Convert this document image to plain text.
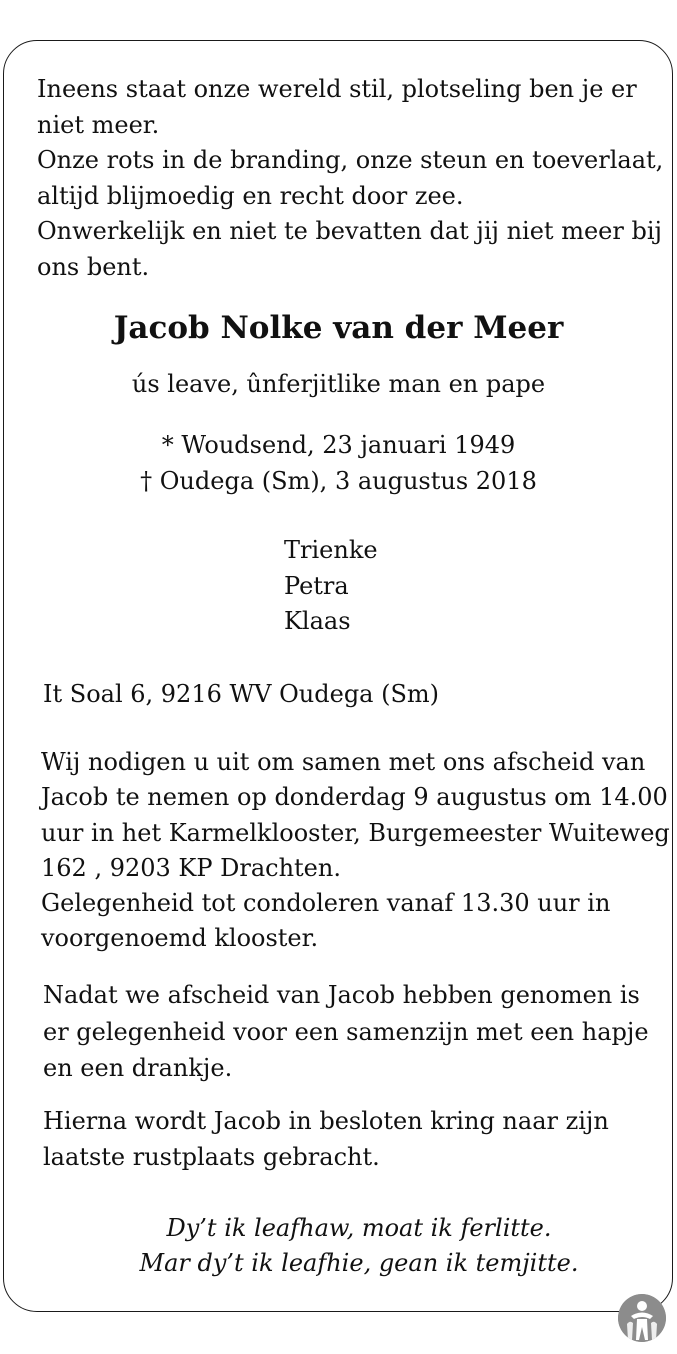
Ineens staat onze wereld stil, plotseling ben je er
niet meer.
Onze rots in de branding, onze steun en toeverlaat,
altijd blijmoedig en recht door zee.
Onwerkelijk en niet te bevatten dat jij niet meer bij
ons bent.
Jacob Nolke van der Meer
ús leave, ûnferjitlike man en pape
* Woudsend, 23 januari 1949
† Oudega (Sm), 3 augustus 2018
Trienke
Petra
Klaas
It Soal 6, 9216 WV Oudega (Sm)
Wij nodigen u uit om samen met ons afscheid van
Jacob te nemen op donderdag 9 augustus om 14.00
uur in het Karmelklooster, Burgemeester Wuiteweg
162 , 9203 KP Drachten.
Gelegenheid tot condoleren vanaf 13.30 uur in
voorgenoemd klooster.
Nadat we afscheid van Jacob hebben genomen is
er gelegenheid voor een samenzijn met een hapje
en een drankje.
Hierna wordt Jacob in besloten kring naar zijn
laatste rustplaats gebracht.
Dy’t ik leafhaw, moat ik ferlitte.
Mar dy’t ik leafhie, gean ik temjitte.
